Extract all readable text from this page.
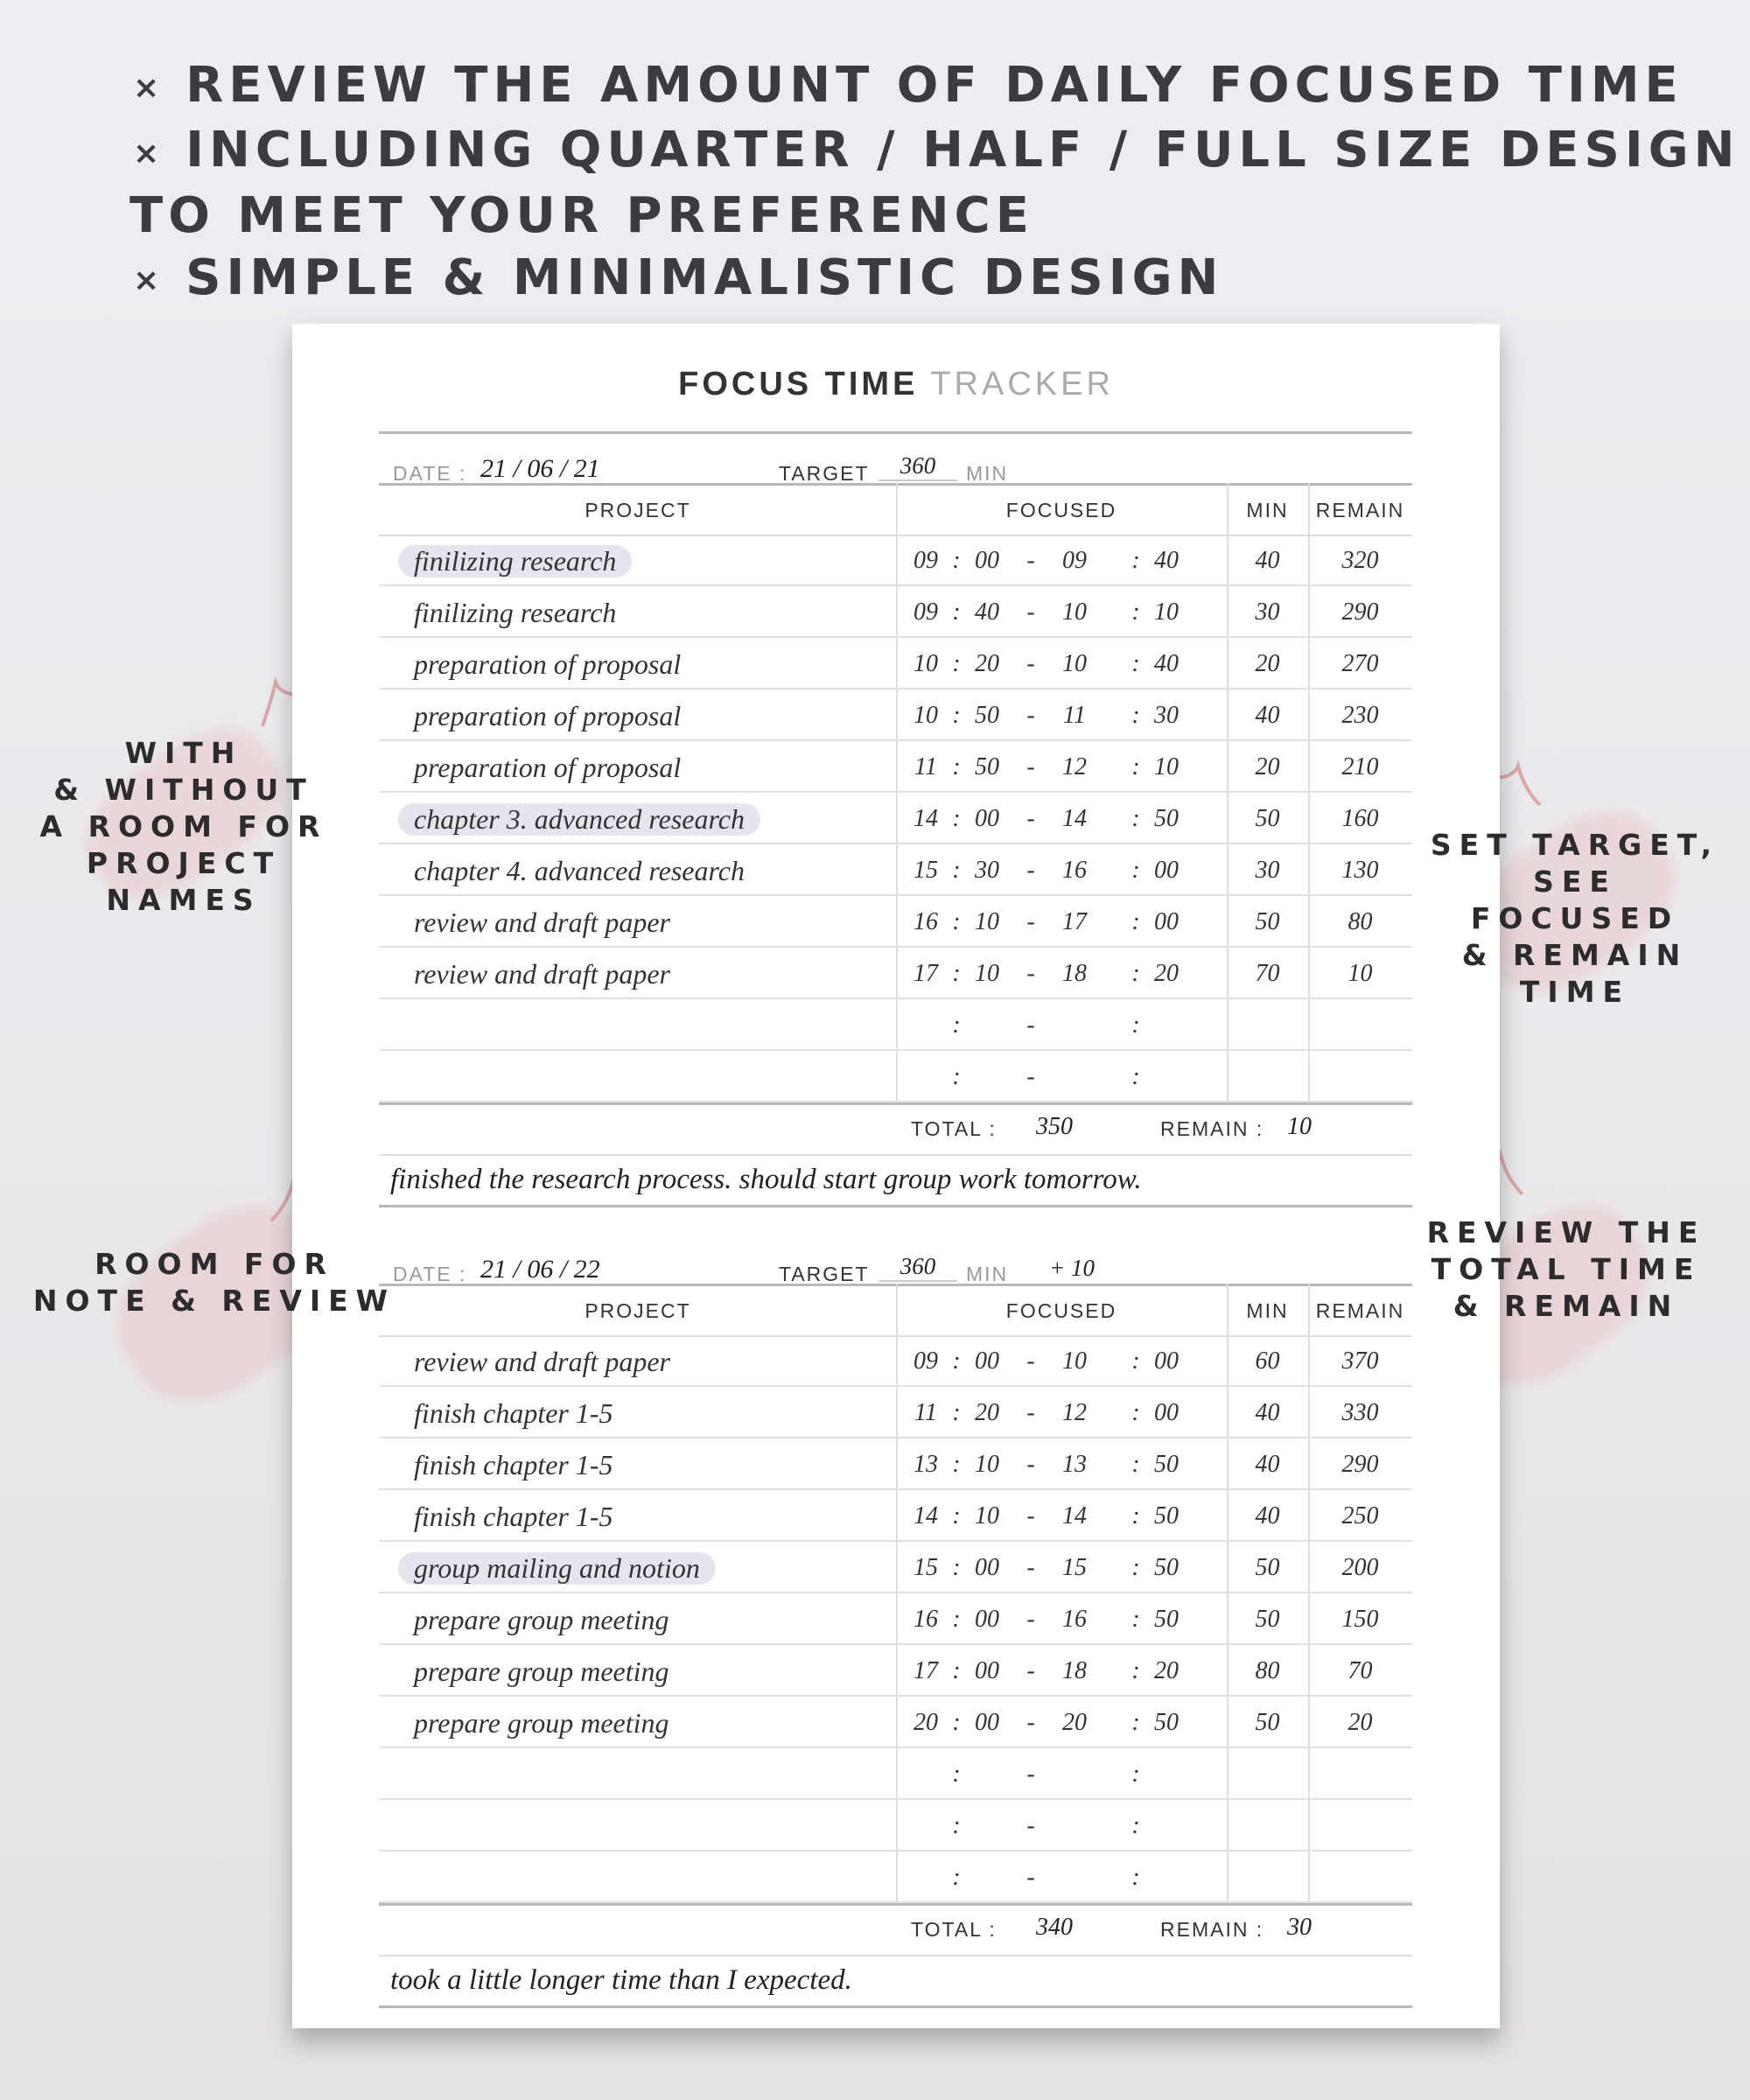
× REVIEW THE AMOUNT OF DAILY FOCUSED TIME
× INCLUDING QUARTER / HALF / FULL SIZE DESIGN
TO MEET YOUR PREFERENCE
× SIMPLE & MINIMALISTIC DESIGN
FOCUS TIME TRACKER
DATE : 21 / 06 / 21	TARGET	360	MIN
PROJECT	FOCUSED	MIN	REMAIN
finilizing research	09 : 00	-	09	: 40	40	320
finilizing research	09 : 40	-	10	: 10	30	290
preparation of proposal	10 : 20	-	10	: 40	20	270
preparation of proposal	10 : 50	-	11	: 30	40	230
preparation of proposal	11 : 50	-	12	: 10	20	210
chapter 3. advanced research	14 : 00	-	14	: 50	50	160
chapter 4. advanced research	15 : 30	-	16	: 00	30	130
review and draft paper	16 : 10	-	17	: 00	50	80
review and draft paper	17 : 10	-	18	: 20	70	10
:	-	:
:	-	:
TOTAL : 350	REMAIN : 10
finished the research process. should start group work tomorrow.
DATE : 21 / 06 / 22	TARGET	360	MIN + 10
PROJECT	FOCUSED	MIN	REMAIN
review and draft paper	09 : 00	-	10	: 00	60	370
finish chapter 1-5	11 : 20	-	12	: 00	40	330
finish chapter 1-5	13 : 10	-	13	: 50	40	290
finish chapter 1-5	14 : 10	-	14	: 50	40	250
group mailing and notion	15 : 00	-	15	: 50	50	200
prepare group meeting	16 : 00	-	16	: 50	50	150
prepare group meeting	17 : 00	-	18	: 20	80	70
prepare group meeting	20 : 00	-	20	: 50	50	20
:	-	:
:	-	:
:	-	:
TOTAL : 340	REMAIN : 30
took a little longer time than I expected.
WITH
& WITHOUT
A ROOM FOR
PROJECT
NAMES
SET TARGET,
SEE
FOCUSED
& REMAIN
TIME
ROOM FOR
NOTE & REVIEW
REVIEW THE
TOTAL TIME
& REMAIN
